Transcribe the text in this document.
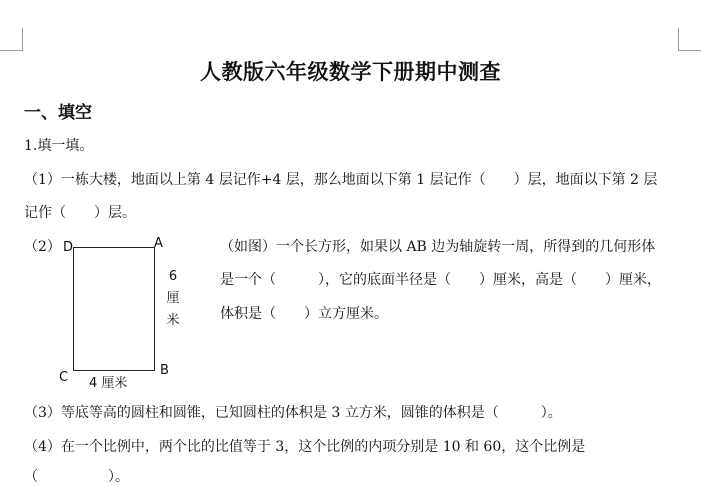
人教版六年级数学下册期中测查
一、填空
1.填一填。
（1）一栋大楼，地面以上第 4 层记作+4 层，那么地面以下第 1 层记作（　　）层，地面以下第 2 层
记作（　　）层。
（2） D	A
B
C 4 厘米
6
厘
米
（如图）一个长方形，如果以 AB 边为轴旋转一周，所得到的几何形体
是一个（　　　），它的底面半径是（　　）厘米，高是（　　）厘米，
体积是（　　）立方厘米。
（3）等底等高的圆柱和圆锥，已知圆柱的体积是 3 立方米，圆锥的体积是（　　　）。
（4）在一个比例中，两个比的比值等于 3，这个比例的内项分别是 10 和 60，这个比例是
（　　　　　）。
